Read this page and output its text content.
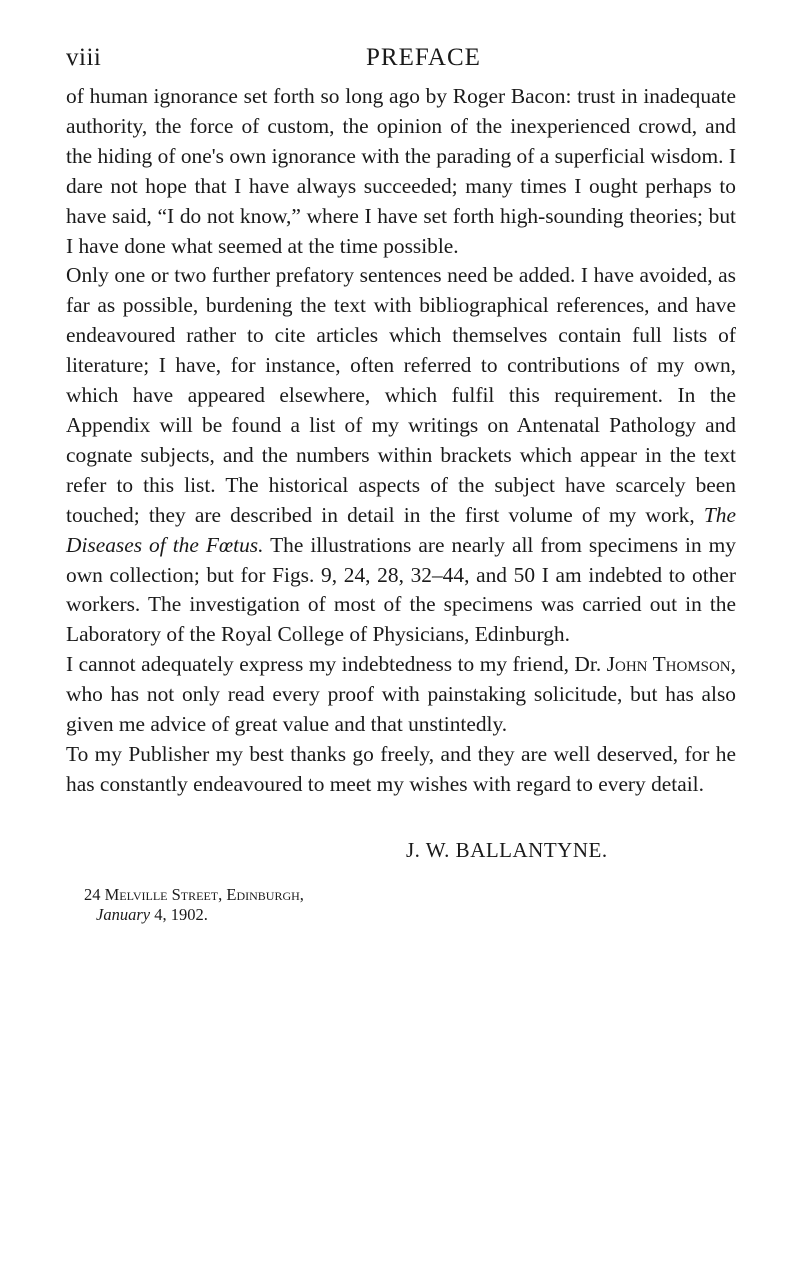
viii	PREFACE

of human ignorance set forth so long ago by Roger Bacon: trust in inadequate authority, the force of custom, the opinion of the inexperienced crowd, and the hiding of one's own ignorance with the parading of a superficial wisdom. I dare not hope that I have always succeeded; many times I ought perhaps to have said, “I do not know,” where I have set forth high-sounding theories; but I have done what seemed at the time possible.

Only one or two further prefatory sentences need be added. I have avoided, as far as possible, burdening the text with bibliographical references, and have endeavoured rather to cite articles which themselves contain full lists of literature; I have, for instance, often referred to contributions of my own, which have appeared elsewhere, which fulfil this requirement. In the Appendix will be found a list of my writings on Antenatal Pathology and cognate subjects, and the numbers within brackets which appear in the text refer to this list. The historical aspects of the subject have scarcely been touched; they are described in detail in the first volume of my work, The Diseases of the Fœtus. The illustrations are nearly all from specimens in my own collection; but for Figs. 9, 24, 28, 32–44, and 50 I am indebted to other workers. The investigation of most of the specimens was carried out in the Laboratory of the Royal College of Physicians, Edinburgh.

I cannot adequately express my indebtedness to my friend, Dr. John Thomson, who has not only read every proof with painstaking solicitude, but has also given me advice of great value and that unstintedly.

To my Publisher my best thanks go freely, and they are well deserved, for he has constantly endeavoured to meet my wishes with regard to every detail.

J. W. BALLANTYNE.
24 Melville Street, Edinburgh,
January 4, 1902.
